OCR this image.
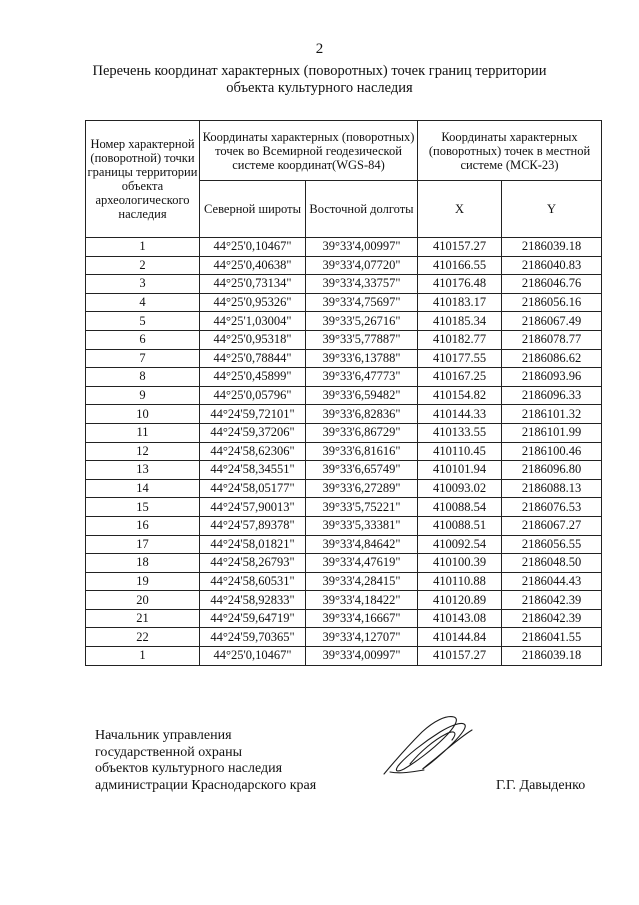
2
Перечень координат характерных (поворотных) точек границ территории
объекта культурного наследия
Номер характерной (поворотной) точки границы территории объекта археологического наследия	Координаты характерных (поворотных) точек во Всемирной геодезической системе координат(WGS-84)		Координаты характерных (поворотных) точек в местной системе (МСК-23)	
	Северной широты	Восточной долготы	X	Y
1	44°25'0,10467"	39°33'4,00997"	410157.27	2186039.18
2	44°25'0,40638"	39°33'4,07720"	410166.55	2186040.83
3	44°25'0,73134"	39°33'4,33757"	410176.48	2186046.76
4	44°25'0,95326"	39°33'4,75697"	410183.17	2186056.16
5	44°25'1,03004"	39°33'5,26716"	410185.34	2186067.49
6	44°25'0,95318"	39°33'5,77887"	410182.77	2186078.77
7	44°25'0,78844"	39°33'6,13788"	410177.55	2186086.62
8	44°25'0,45899"	39°33'6,47773"	410167.25	2186093.96
9	44°25'0,05796"	39°33'6,59482"	410154.82	2186096.33
10	44°24'59,72101"	39°33'6,82836"	410144.33	2186101.32
11	44°24'59,37206"	39°33'6,86729"	410133.55	2186101.99
12	44°24'58,62306"	39°33'6,81616"	410110.45	2186100.46
13	44°24'58,34551"	39°33'6,65749"	410101.94	2186096.80
14	44°24'58,05177"	39°33'6,27289"	410093.02	2186088.13
15	44°24'57,90013"	39°33'5,75221"	410088.54	2186076.53
16	44°24'57,89378"	39°33'5,33381"	410088.51	2186067.27
17	44°24'58,01821"	39°33'4,84642"	410092.54	2186056.55
18	44°24'58,26793"	39°33'4,47619"	410100.39	2186048.50
19	44°24'58,60531"	39°33'4,28415"	410110.88	2186044.43
20	44°24'58,92833"	39°33'4,18422"	410120.89	2186042.39
21	44°24'59,64719"	39°33'4,16667"	410143.08	2186042.39
22	44°24'59,70365"	39°33'4,12707"	410144.84	2186041.55
1	44°25'0,10467"	39°33'4,00997"	410157.27	2186039.18
Начальник управления
государственной охраны
объектов культурного наследия
администрации Краснодарского края	Г.Г. Давыденко
